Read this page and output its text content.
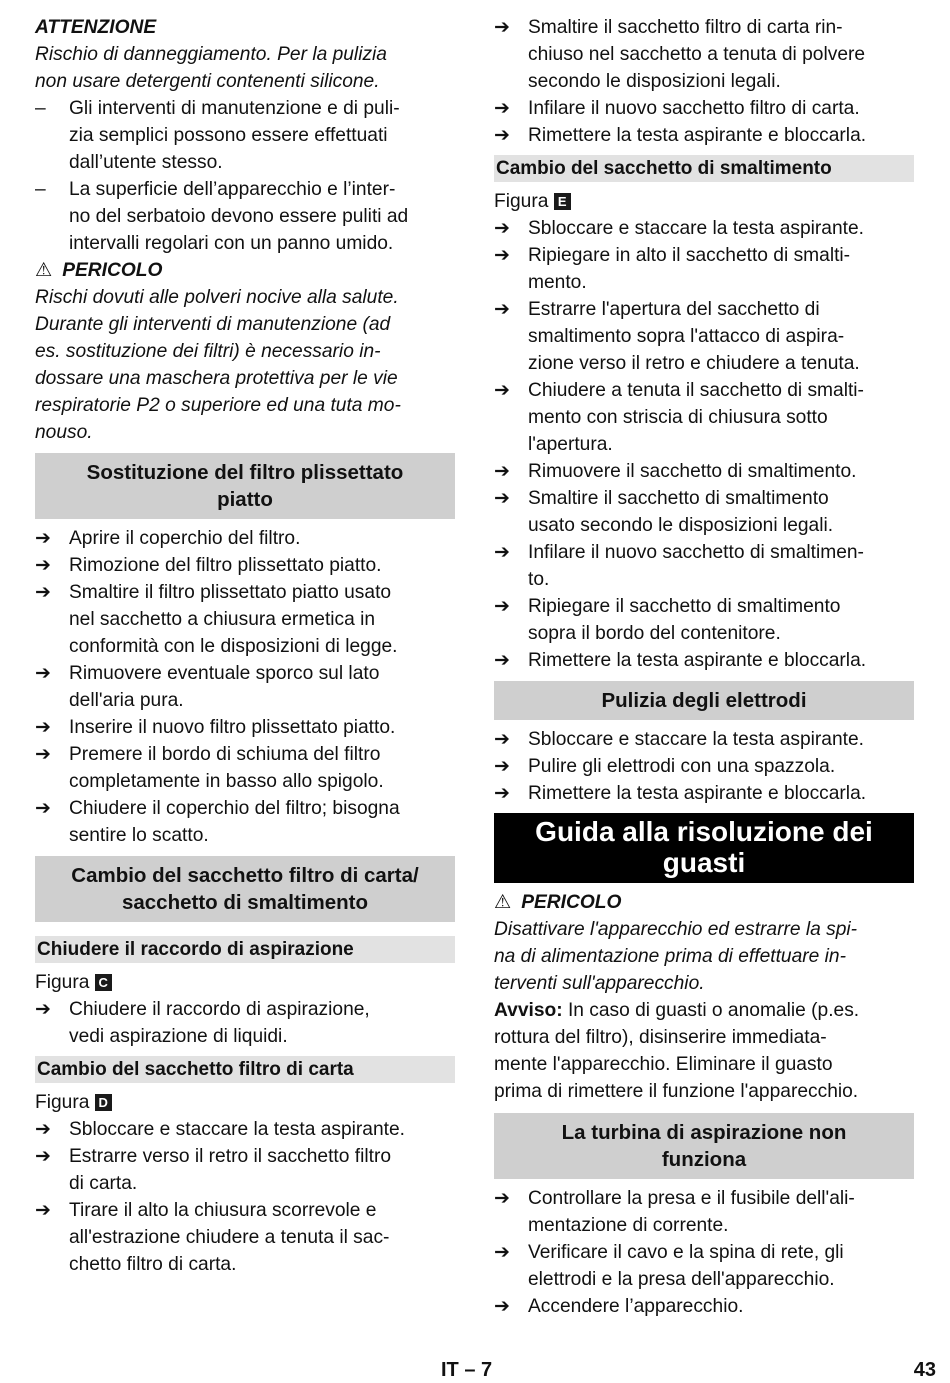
ATTENZIONE
Rischio di danneggiamento. Per la pulizia
non usare detergenti contenenti silicone.
–	Gli interventi di manutenzione e di puli-
zia semplici possono essere effettuati
dall’utente stesso.
–	La superficie dell’apparecchio e l’inter-
no del serbatoio devono essere puliti ad
intervalli regolari con un panno umido.
⚠ PERICOLO
Rischi dovuti alle polveri nocive alla salute.
Durante gli interventi di manutenzione (ad
es. sostituzione dei filtri) è necessario in-
dossare una maschera protettiva per le vie
respiratorie P2 o superiore ed una tuta mo-
nouso.
Sostituzione del filtro plissettato
piatto
➔ Aprire il coperchio del filtro.
➔ Rimozione del filtro plissettato piatto.
➔ Smaltire il filtro plissettato piatto usato
nel sacchetto a chiusura ermetica in
conformità con le disposizioni di legge.
➔ Rimuovere eventuale sporco sul lato
dell'aria pura.
➔ Inserire il nuovo filtro plissettato piatto.
➔ Premere il bordo di schiuma del filtro
completamente in basso allo spigolo.
➔ Chiudere il coperchio del filtro; bisogna
sentire lo scatto.
Cambio del sacchetto filtro di carta/
sacchetto di smaltimento
Chiudere il raccordo di aspirazione
Figura C
➔ Chiudere il raccordo di aspirazione,
vedi aspirazione di liquidi.
Cambio del sacchetto filtro di carta
Figura D
➔ Sbloccare e staccare la testa aspirante.
➔ Estrarre verso il retro il sacchetto filtro
di carta.
➔ Tirare il alto la chiusura scorrevole e
all'estrazione chiudere a tenuta il sac-
chetto filtro di carta.
➔ Smaltire il sacchetto filtro di carta rin-
chiuso nel sacchetto a tenuta di polvere
secondo le disposizioni legali.
➔ Infilare il nuovo sacchetto filtro di carta.
➔ Rimettere la testa aspirante e bloccarla.
Cambio del sacchetto di smaltimento
Figura E
➔ Sbloccare e staccare la testa aspirante.
➔ Ripiegare in alto il sacchetto di smalti-
mento.
➔ Estrarre l'apertura del sacchetto di
smaltimento sopra l'attacco di aspira-
zione verso il retro e chiudere a tenuta.
➔ Chiudere a tenuta il sacchetto di smalti-
mento con striscia di chiusura sotto
l'apertura.
➔ Rimuovere il sacchetto di smaltimento.
➔ Smaltire il sacchetto di smaltimento
usato secondo le disposizioni legali.
➔ Infilare il nuovo sacchetto di smaltimen-
to.
➔ Ripiegare il sacchetto di smaltimento
sopra il bordo del contenitore.
➔ Rimettere la testa aspirante e bloccarla.
Pulizia degli elettrodi
➔ Sbloccare e staccare la testa aspirante.
➔ Pulire gli elettrodi con una spazzola.
➔ Rimettere la testa aspirante e bloccarla.
Guida alla risoluzione dei
guasti
⚠ PERICOLO
Disattivare l'apparecchio ed estrarre la spi-
na di alimentazione prima di effettuare in-
terventi sull'apparecchio.
Avviso: In caso di guasti o anomalie (p.es.
rottura del filtro), disinserire immediata-
mente l'apparecchio. Eliminare il guasto
prima di rimettere il funzione l'apparecchio.
La turbina di aspirazione non
funziona
➔ Controllare la presa e il fusibile dell'ali-
mentazione di corrente.
➔ Verificare il cavo e la spina di rete, gli
elettrodi e la presa dell'apparecchio.
➔ Accendere l’apparecchio.
IT – 7	43
